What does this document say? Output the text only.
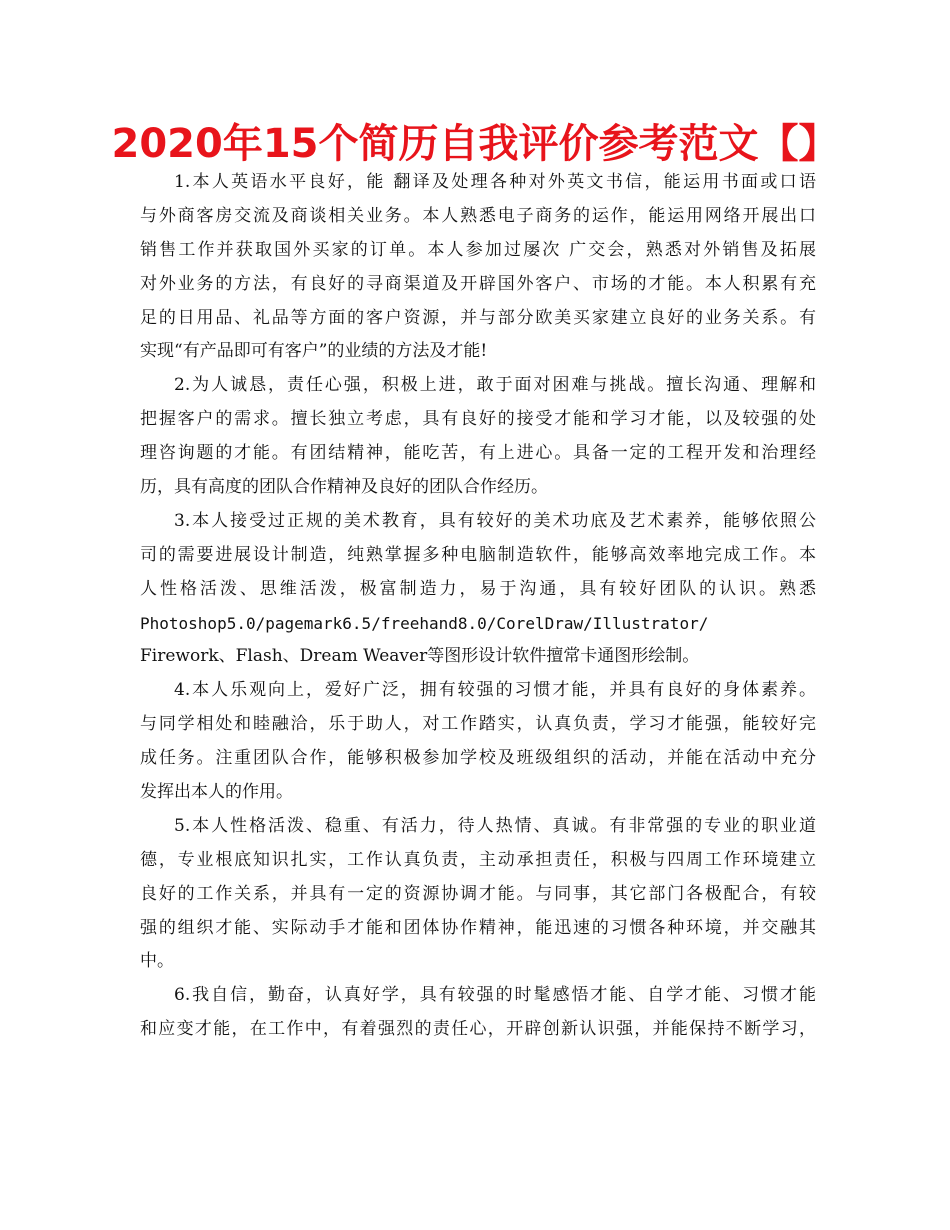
2020年15个简历自我评价参考范文【】
1.本人英语水平良好，能 翻译及处理各种对外英文书信，能运用书面或口语
与外商客房交流及商谈相关业务。本人熟悉电子商务的运作，能运用网络开展出口
销售工作并获取国外买家的订单。本人参加过屡次 广交会，熟悉对外销售及拓展
对外业务的方法，有良好的寻商渠道及开辟国外客户、市场的才能。本人积累有充
足的日用品、礼品等方面的客户资源，并与部分欧美买家建立良好的业务关系。有
实现“有产品即可有客户”的业绩的方法及才能!
2.为人诚恳，责任心强，积极上进，敢于面对困难与挑战。擅长沟通、理解和
把握客户的需求。擅长独立考虑，具有良好的接受才能和学习才能，以及较强的处
理咨询题的才能。有团结精神，能吃苦，有上进心。具备一定的工程开发和治理经
历，具有高度的团队合作精神及良好的团队合作经历。
3.本人接受过正规的美术教育，具有较好的美术功底及艺术素养，能够依照公
司的需要进展设计制造，纯熟掌握多种电脑制造软件，能够高效率地完成工作。本
人性格活泼、思维活泼，极富制造力，易于沟通，具有较好团队的认识。熟悉
Photoshop5.0/pagemark6.5/freehand8.0/CorelDraw/Illustrator/
Firework、Flash、Dream Weaver等图形设计软件擅常卡通图形绘制。
4.本人乐观向上，爱好广泛，拥有较强的习惯才能，并具有良好的身体素养。
与同学相处和睦融洽，乐于助人，对工作踏实，认真负责，学习才能强，能较好完
成任务。注重团队合作，能够积极参加学校及班级组织的活动，并能在活动中充分
发挥出本人的作用。
5.本人性格活泼、稳重、有活力，待人热情、真诚。有非常强的专业的职业道
德，专业根底知识扎实，工作认真负责，主动承担责任，积极与四周工作环境建立
良好的工作关系，并具有一定的资源协调才能。与同事，其它部门各极配合，有较
强的组织才能、实际动手才能和团体协作精神，能迅速的习惯各种环境，并交融其
中。
6.我自信，勤奋，认真好学，具有较强的时髦感悟才能、自学才能、习惯才能
和应变才能，在工作中，有着强烈的责任心，开辟创新认识强，并能保持不断学习，
